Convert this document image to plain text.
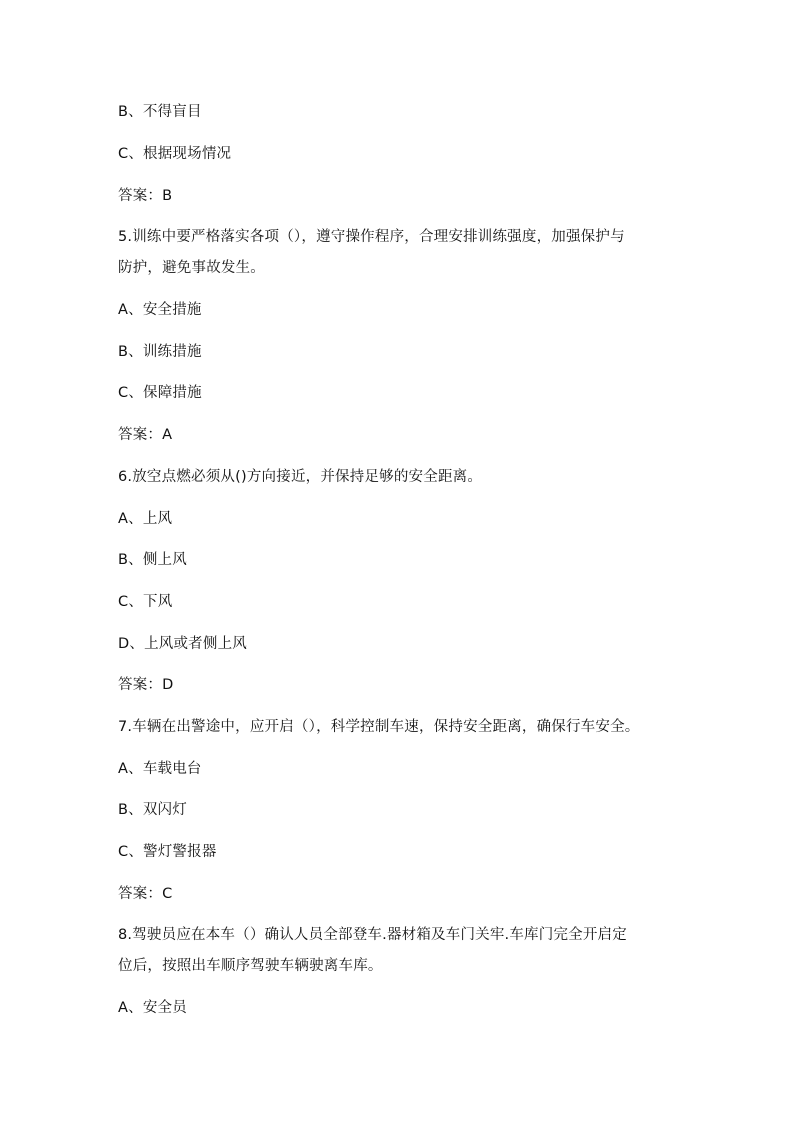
B、不得盲目
C、根据现场情况
答案：B
5.训练中要严格落实各项（），遵守操作程序，合理安排训练强度，加强保护与
防护，避免事故发生。
A、安全措施
B、训练措施
C、保障措施
答案：A
6.放空点燃必须从()方向接近，并保持足够的安全距离。
A、上风
B、侧上风
C、下风
D、上风或者侧上风
答案：D
7.车辆在出警途中，应开启（），科学控制车速，保持安全距离，确保行车安全。
A、车载电台
B、双闪灯
C、警灯警报器
答案：C
8.驾驶员应在本车（）确认人员全部登车.器材箱及车门关牢.车库门完全开启定
位后，按照出车顺序驾驶车辆驶离车库。
A、安全员
